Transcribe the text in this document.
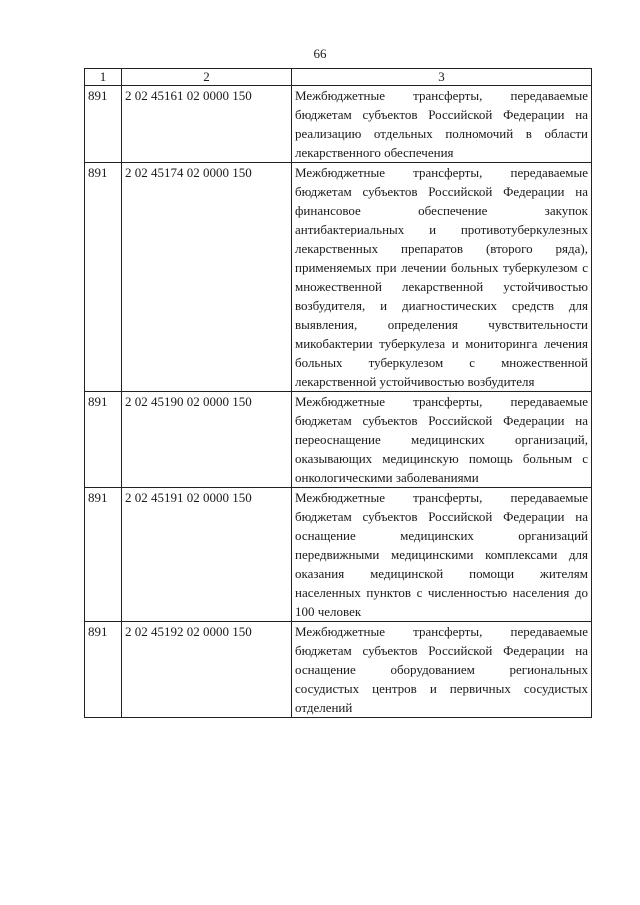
66
1	2	3
891	2 02 45161 02 0000 150	Межбюджетные трансферты, передаваемые бюджетам субъектов Российской Федерации на реализацию отдельных полномочий в области лекарственного обеспечения
891	2 02 45174 02 0000 150	Межбюджетные трансферты, передаваемые бюджетам субъектов Российской Федерации на финансовое обеспечение закупок антибактериальных и противотуберкулезных лекарственных препаратов (второго ряда), применяемых при лечении больных туберкулезом с множественной лекарственной устойчивостью возбудителя, и диагностических средств для выявления, определения чувствительности микобактерии туберкулеза и мониторинга лечения больных туберкулезом с множественной лекарственной устойчивостью возбудителя
891	2 02 45190 02 0000 150	Межбюджетные трансферты, передаваемые бюджетам субъектов Российской Федерации на переоснащение медицинских организаций, оказывающих медицинскую помощь больным с онкологическими заболеваниями
891	2 02 45191 02 0000 150	Межбюджетные трансферты, передаваемые бюджетам субъектов Российской Федерации на оснащение медицинских организаций передвижными медицинскими комплексами для оказания медицинской помощи жителям населенных пунктов с численностью населения до 100 человек
891	2 02 45192 02 0000 150	Межбюджетные трансферты, передаваемые бюджетам субъектов Российской Федерации на оснащение оборудованием региональных сосудистых центров и первичных сосудистых отделений
